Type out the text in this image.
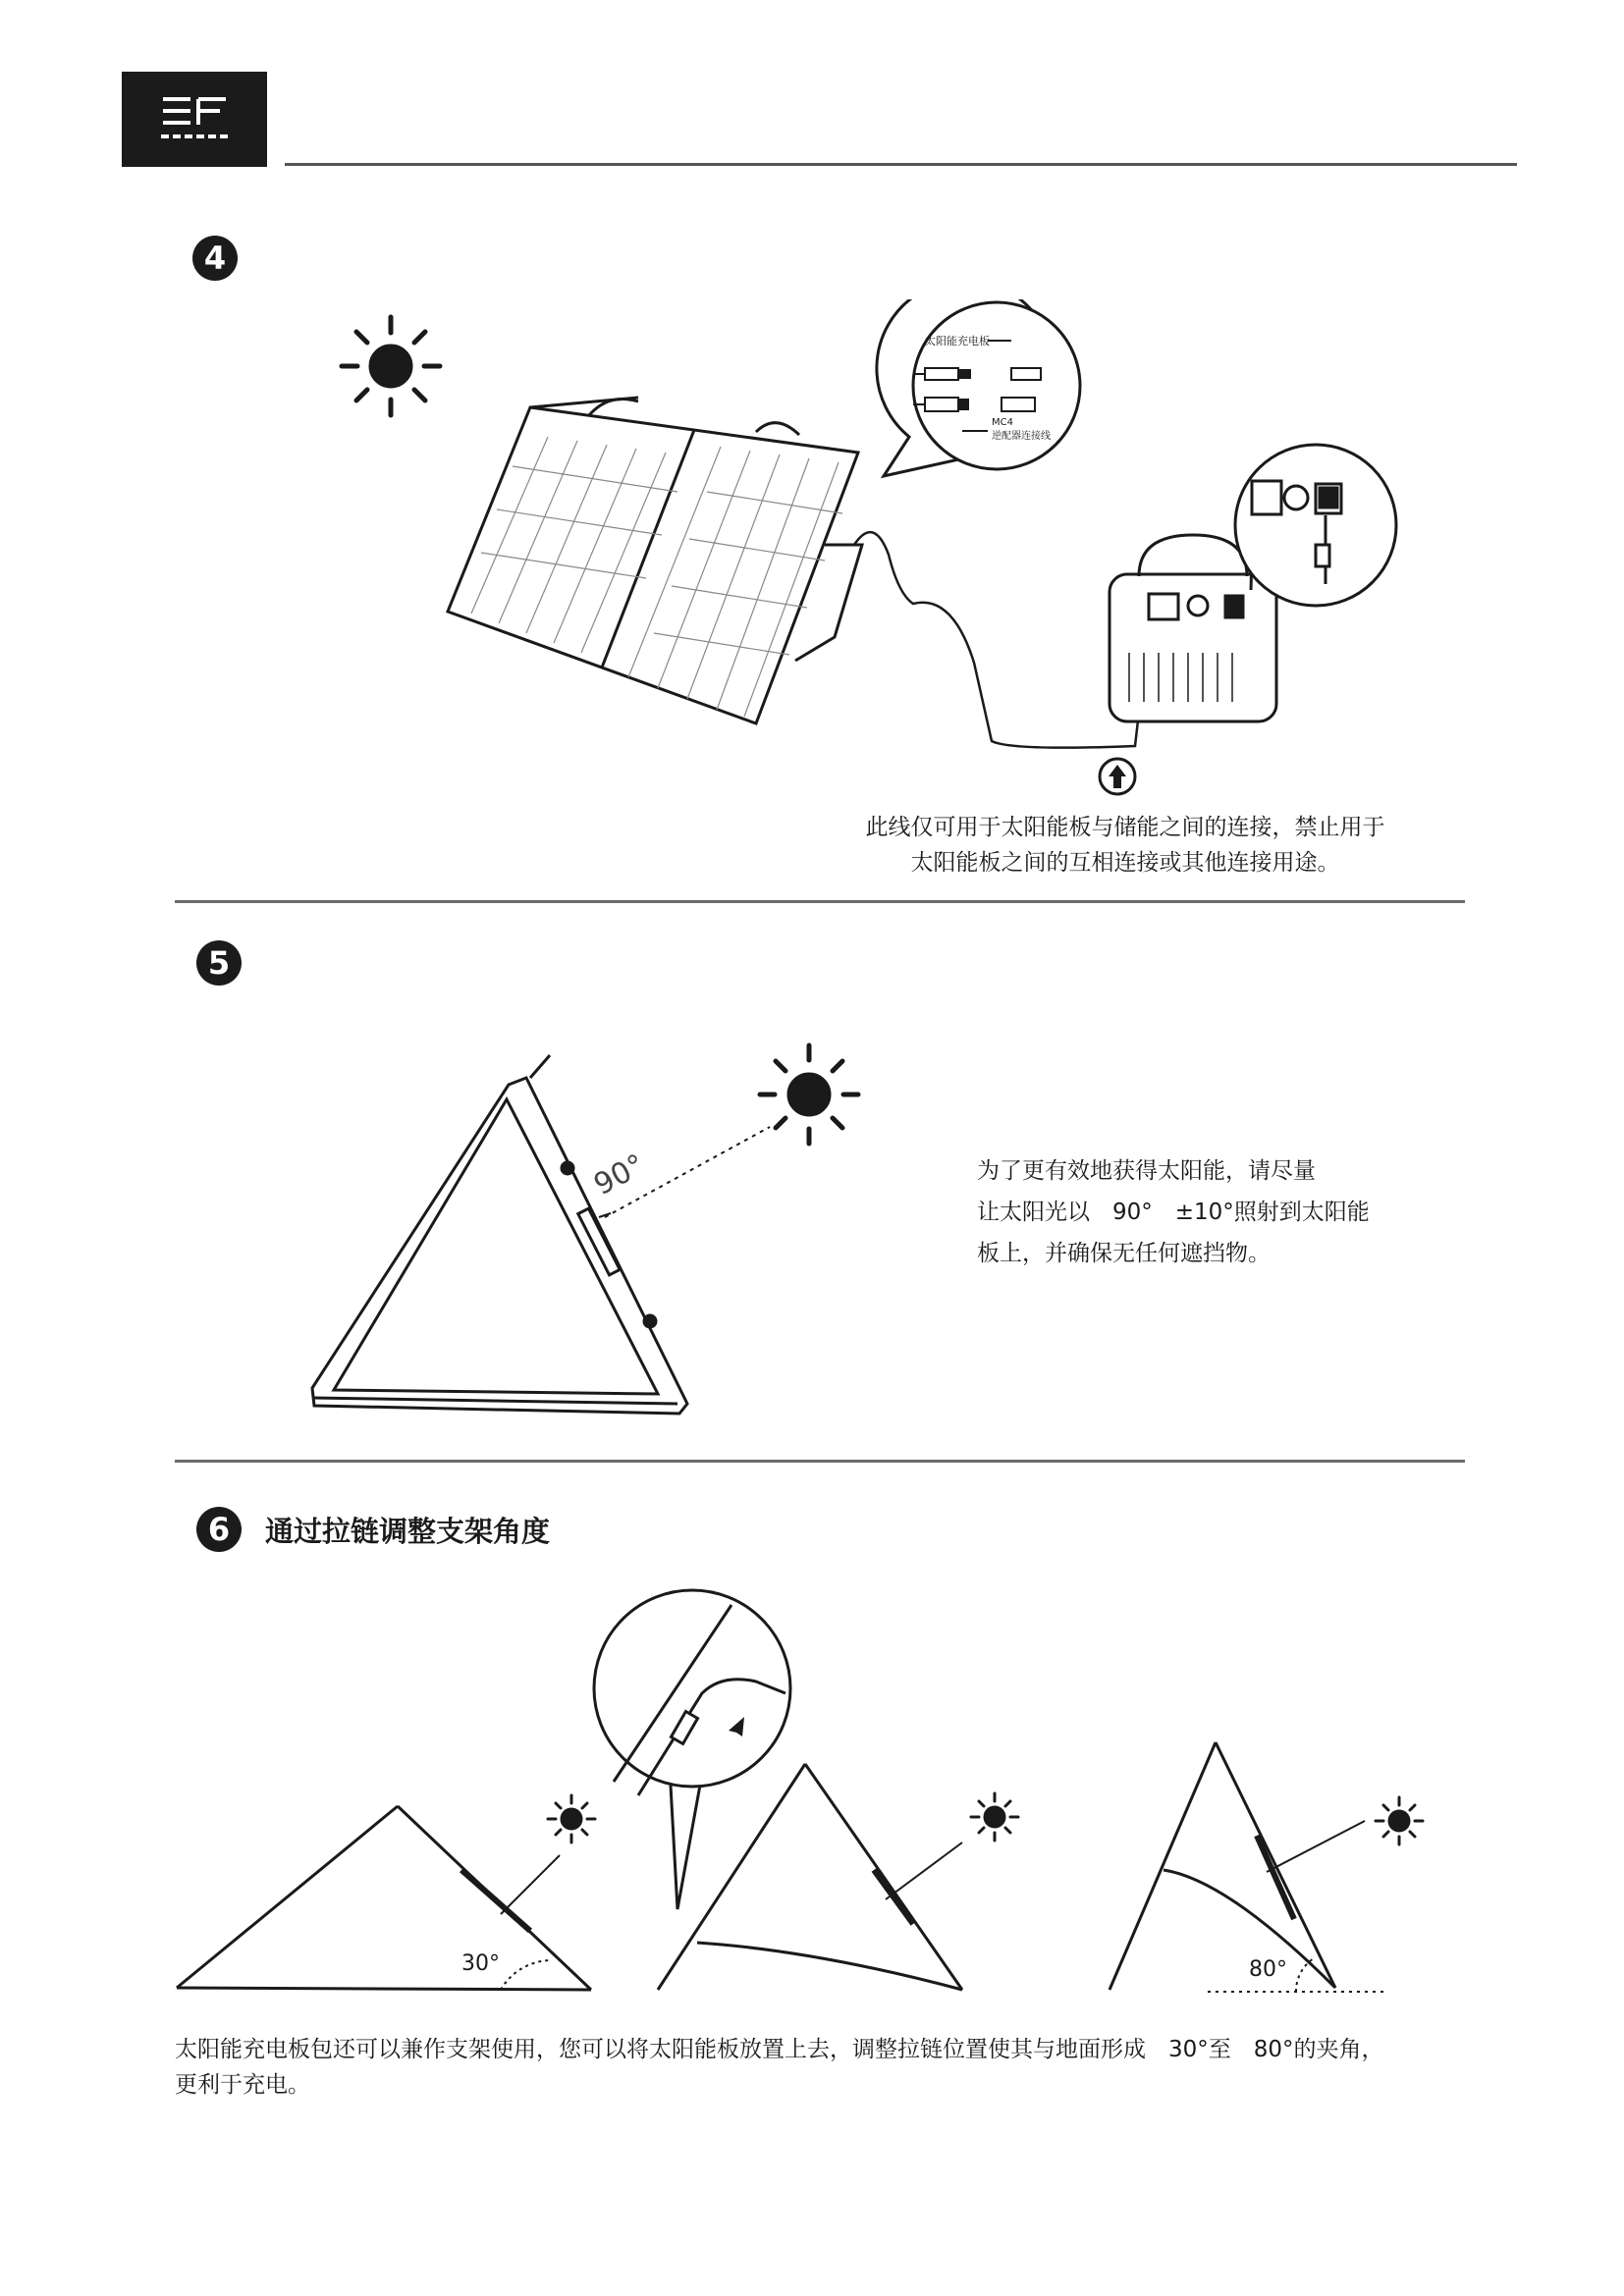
4
太阳能充电板
MC4
逆配器连接线
此线仅可用于太阳能板与储能之间的连接，禁止用于
太阳能板之间的互相连接或其他连接用途。
5
90°	为了更有效地获得太阳能，请尽量
让太阳光以　90°　±10°照射到太阳能
板上，并确保无任何遮挡物。
6	通过拉链调整支架角度
30°	80°
太阳能充电板包还可以兼作支架使用，您可以将太阳能板放置上去，调整拉链位置使其与地面形成　30°至　80°的夹角，
更利于充电。
